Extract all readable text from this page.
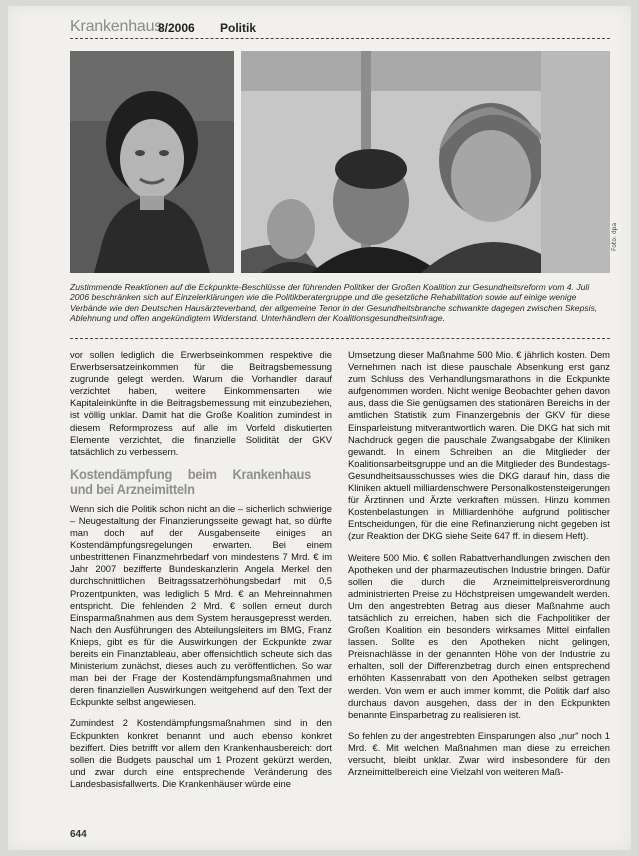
Krankenhaus
8/2006 Politik
Foto: dpa
Zustimmende Reaktionen auf die Eckpunkte-Beschlüsse der führenden Politiker der Großen Koalition zur Gesundheitsreform vom 4. Juli 2006 beschränken sich auf Einzelerklärungen wie die Politikberatergruppe und die gesetzliche Rehabilitation sowie auf einige wenige Verbände wie den Deutschen Hausärzteverband, der allgemeine Tenor in der Gesundheitsbranche schwankte dagegen zwischen Skepsis, Ablehnung und offen angekündigtem Widerstand. Unterhändlern der Koalitionsgesundheitsinfrage.

vor sollen lediglich die Erwerbseinkommen respektive die Erwerbsersatzeinkommen für die Beitragsbemessung zugrunde gelegt werden. Warum die Vorhandler darauf verzichtet haben, weitere Einkommensarten wie Kapitaleinkünfte in die Beitragsbemessung mit einzubeziehen, ist völlig unklar. Damit hat die Große Koalition zumindest in diesem Reformprozess auf alle im Vorfeld diskutierten Elemente verzichtet, die finanzielle Solidität der GKV tatsächlich zu verbessern.

Kostendämpfung beim Krankenhaus und bei Arzneimitteln

Wenn sich die Politik schon nicht an die – sicherlich schwierige – Neugestaltung der Finanzierungsseite gewagt hat, so dürfte man doch auf der Ausgabenseite einiges an Kostendämpfungsregelungen erwarten. Bei einem unbestrittenen Finanzmehrbedarf von mindestens 7 Mrd. € im Jahr 2007 bezifferte Bundeskanzlerin Angela Merkel den durchschnittlichen Beitragssatzerhöhungsbedarf mit 0,5 Prozentpunkten, was lediglich 5 Mrd. € an Mehreinnahmen entspricht. Die fehlenden 2 Mrd. € sollen erneut durch Einsparmaßnahmen aus dem System herausgepresst werden. Nach den Ausführungen des Abteilungsleiters im BMG, Franz Knieps, gibt es für die Auswirkungen der Eckpunkte zwar bereits ein Finanztableau, aber offensichtlich scheute sich das Ministerium zunächst, dieses auch zu veröffentlichen. So war man bei der Frage der Kostendämpfungsmaßnahmen und deren finanziellen Auswirkungen weitgehend auf den Text der Eckpunkte selbst angewiesen.

Zumindest 2 Kostendämpfungsmaßnahmen sind in den Eckpunkten konkret benannt und auch ebenso konkret beziffert. Dies betrifft vor allem den Krankenhausbereich: dort sollen die Budgets pauschal um 1 Prozent gekürzt werden, und zwar durch eine entsprechende Veränderung des Landesbasisfallwerts. Die Krankenhäuser würde eine

Umsetzung dieser Maßnahme 500 Mio. € jährlich kosten. Dem Vernehmen nach ist diese pauschale Absenkung erst ganz zum Schluss des Verhandlungsmarathons in die Eckpunkte aufgenommen worden. Nicht wenige Beobachter gehen davon aus, dass die Sie genügsamen des stationären Bereichs in der amtlichen Statistik zum Finanzergebnis der GKV für diese Einsparleistung mitverantwortlich waren. Die DKG hat sich mit Nachdruck gegen die pauschale Zwangsabgabe der Kliniken gewandt. In einem Schreiben an die Mitglieder der Koalitionsarbeitsgruppe und an die Mitglieder des Bundestags-Gesundheitsausschusses wies die DKG darauf hin, dass die Kliniken aktuell milliardenschwere Personalkostensteigerungen für Ärztinnen und Ärzte verkraften müssen. Hinzu kommen Kostenbelastungen in Milliardenhöhe aufgrund politischer Entscheidungen, für die eine Refinanzierung nicht gegeben ist (zur Reaktion der DKG siehe Seite 647 ff. in diesem Heft).

Weitere 500 Mio. € sollen Rabattverhandlungen zwischen den Apotheken und der pharmazeutischen Industrie bringen. Dafür sollen die durch die Arzneimittelpreisverordnung administrierten Preise zu Höchstpreisen umgewandelt werden. Um den angestrebten Betrag aus dieser Maßnahme auch tatsächlich zu erreichen, haben sich die Fachpolitiker der Großen Koalition ein besonders wirksames Mittel einfallen lassen. Sollte es den Apotheken nicht gelingen, Preisnachlässe in der genannten Höhe von der Industrie zu erhalten, soll der Differenzbetrag durch einen entsprechend erhöhten Kassenrabatt von den Apotheken selbst getragen werden. Von wem er auch immer kommt, die Politik darf also durchaus davon ausgehen, dass der in den Eckpunkten benannte Einsparbetrag zu realisieren ist.

So fehlen zu der angestrebten Einsparungen also „nur" noch 1 Mrd. €. Mit welchen Maßnahmen man diese zu erreichen versucht, bleibt unklar. Zwar wird insbesondere für den Arzneimittelbereich eine Vielzahl von weiteren Maß-

644
